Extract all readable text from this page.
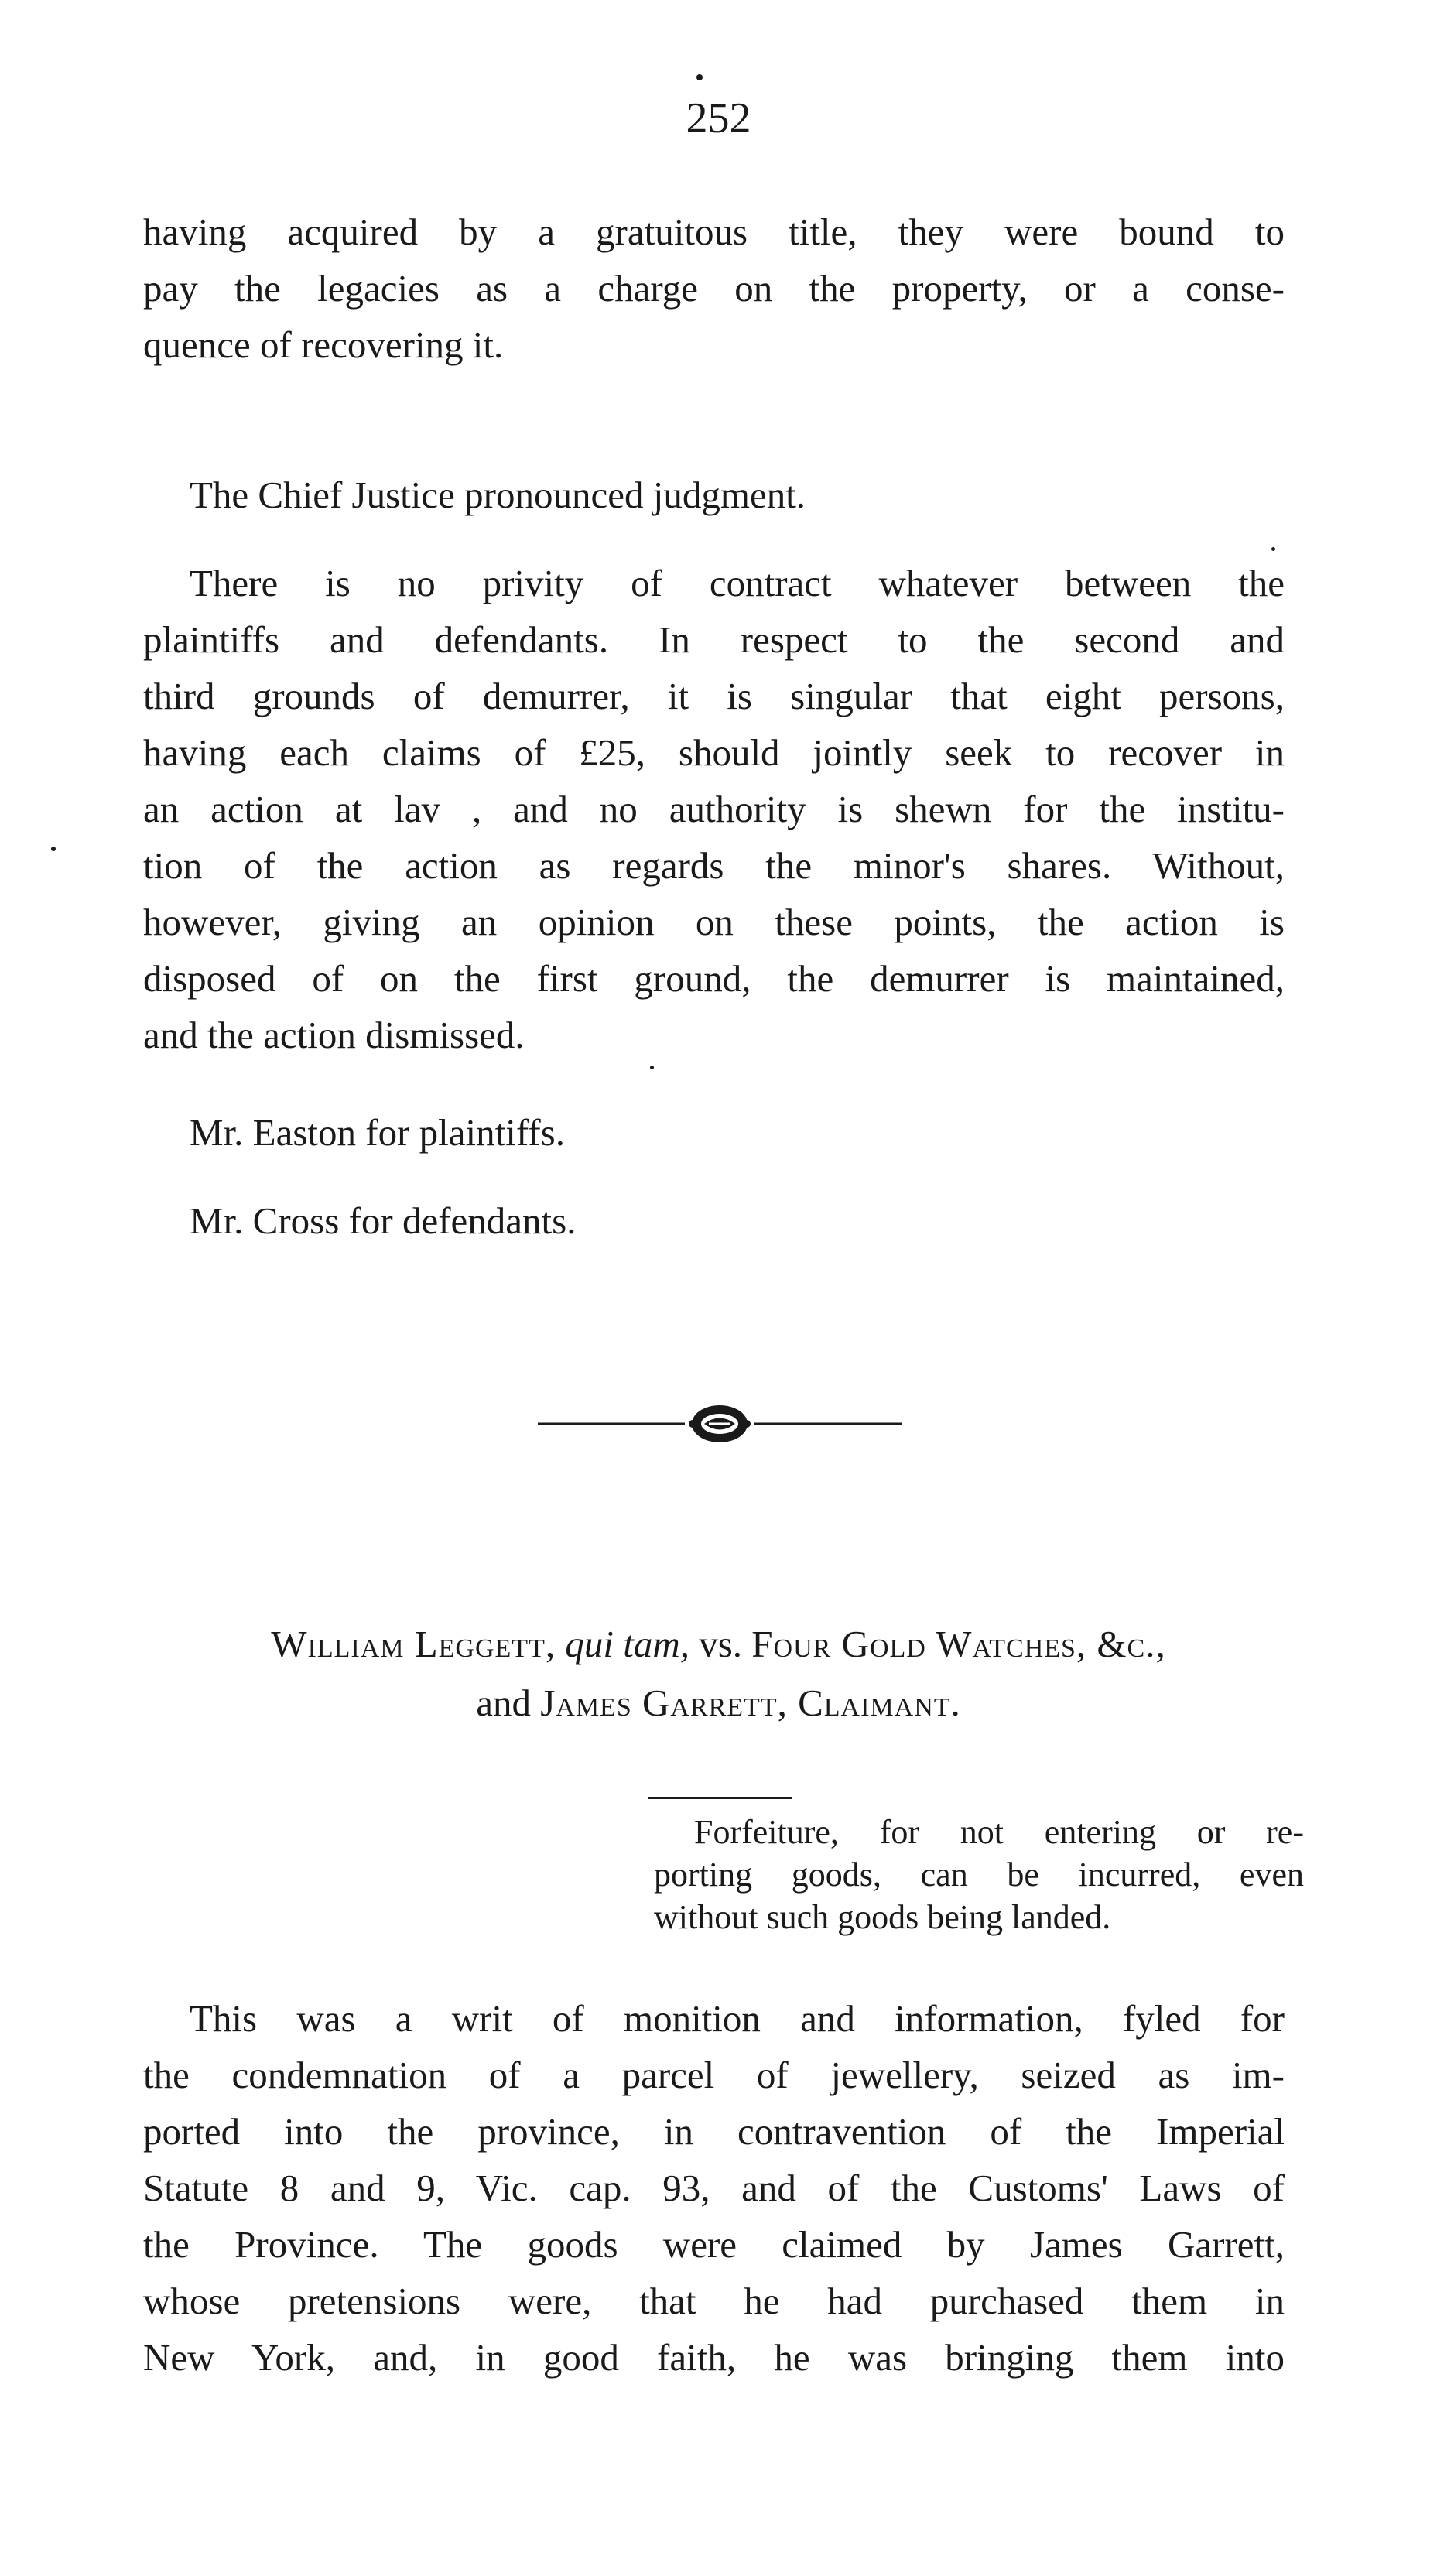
252
having acquired by a gratuitous title, they were bound to
pay the legacies as a charge on the property, or a conse-
quence of recovering it.
The Chief Justice pronounced judgment.
There is no privity of contract whatever between the
plaintiffs and defendants. In respect to the second and
third grounds of demurrer, it is singular that eight persons,
having each claims of £25, should jointly seek to recover in
an action at lav , and no authority is shewn for the institu-
tion of the action as regards the minor's shares. Without,
however, giving an opinion on these points, the action is
disposed of on the first ground, the demurrer is maintained,
and the action dismissed.
Mr. Easton for plaintiffs.
Mr. Cross for defendants.
William Leggett, qui tam, vs. Four Gold Watches, &c.,
and James Garrett, Claimant.
Forfeiture, for not entering or re-
porting goods, can be incurred, even
without such goods being landed.
This was a writ of monition and information, fyled for
the condemnation of a parcel of jewellery, seized as im-
ported into the province, in contravention of the Imperial
Statute 8 and 9, Vic. cap. 93, and of the Customs' Laws of
the Province. The goods were claimed by James Garrett,
whose pretensions were, that he had purchased them in
New York, and, in good faith, he was bringing them into
